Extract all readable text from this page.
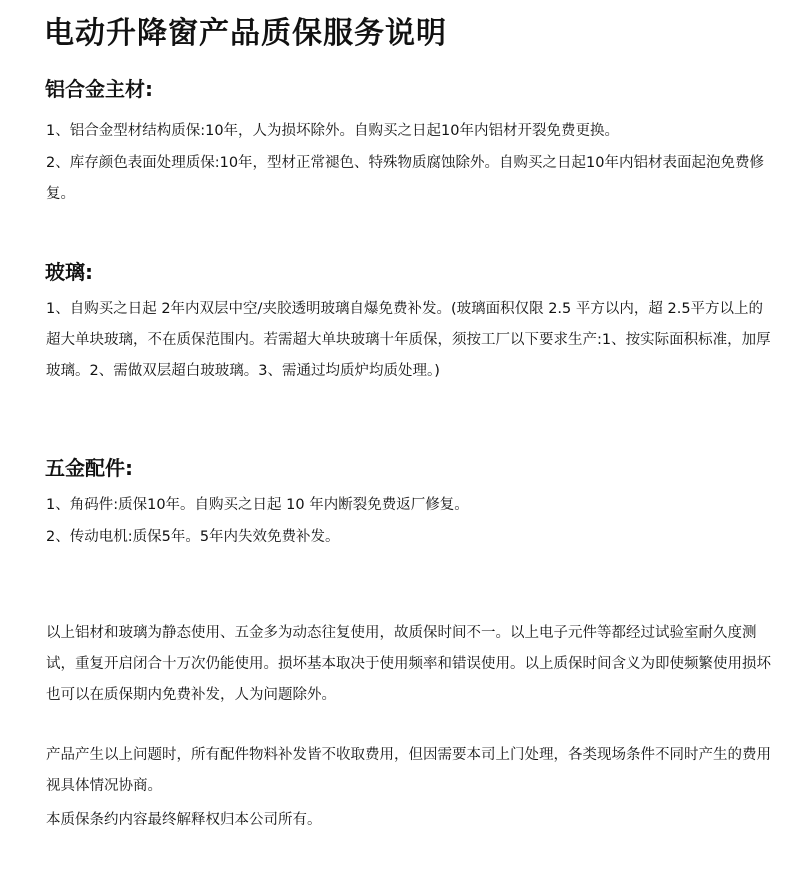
电动升降窗产品质保服务说明
铝合金主材:

1、铝合金型材结构质保:10年，人为损坏除外。自购买之日起10年内铝材开裂免费更换。

2、库存颜色表面处理质保:10年，型材正常褪色、特殊物质腐蚀除外。自购买之日起10年内铝材表面起泡免费修复。

玻璃:

1、自购买之日起 2年内双层中空/夹胶透明玻璃自爆免费补发。(玻璃面积仅限 2.5 平方以内，超 2.5平方以上的 超大单块玻璃，不在质保范围内。若需超大单块玻璃十年质保，须按工厂以下要求生产:1、按实际面积标准，加厚玻璃。2、需做双层超白玻玻璃。3、需通过均质炉均质处理。)

五金配件:

1、角码件:质保10年。自购买之日起 10 年内断裂免费返厂修复。

2、传动电机:质保5年。5年内失效免费补发。

以上铝材和玻璃为静态使用、五金多为动态往复使用，故质保时间不一。以上电子元件等都经过试验室耐久度测试，重复开启闭合十万次仍能使用。损坏基本取决于使用频率和错误使用。以上质保时间含义为即使频繁使用损坏也可以在质保期内免费补发，人为问题除外。

产品产生以上问题时，所有配件物料补发皆不收取费用，但因需要本司上门处理，各类现场条件不同时产生的费用视具体情况协商。

本质保条约内容最终解释权归本公司所有。
